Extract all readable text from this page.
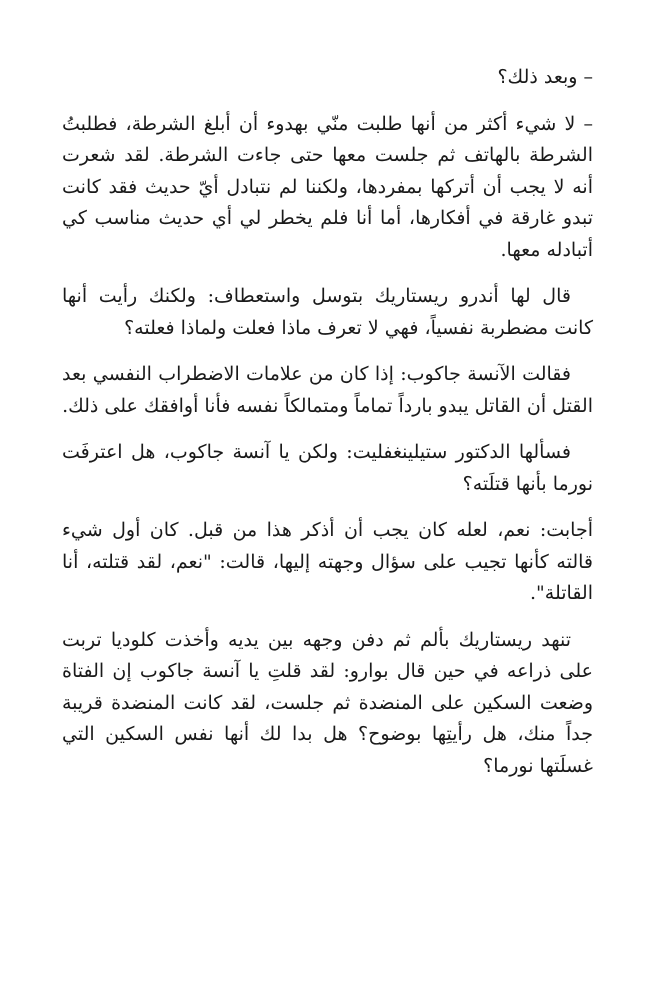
– وبعد ذلك؟

– لا شيء أكثر من أنها طلبت منّي بهدوء أن أبلغ الشرطة، فطلبتُ الشرطة بالهاتف ثم جلست معها حتى جاءت الشرطة. لقد شعرت أنه لا يجب أن أتركها بمفردها، ولكننا لم نتبادل أيّ حديث فقد كانت تبدو غارقة في أفكارها، أما أنا فلم يخطر لي أي حديث مناسب كي أتبادله معها.

قال لها أندرو ريستاريك بتوسل واستعطاف: ولكنك رأيت أنها كانت مضطربة نفسياً، فهي لا تعرف ماذا فعلت ولماذا فعلته؟

فقالت الآنسة جاكوب: إذا كان من علامات الاضطراب النفسي بعد القتل أن القاتل يبدو بارداً تماماً ومتمالكاً نفسه فأنا أوافقك على ذلك.

فسألها الدكتور ستيلينغفليت: ولكن يا آنسة جاكوب، هل اعترفَت نورما بأنها قتلَته؟

أجابت: نعم، لعله كان يجب أن أذكر هذا من قبل. كان أول شيء قالته كأنها تجيب على سؤال وجهته إليها، قالت: "نعم، لقد قتلته، أنا القاتلة".

تنهد ريستاريك بألم ثم دفن وجهه بين يديه وأخذت كلوديا تربت على ذراعه في حين قال بوارو: لقد قلتِ يا آنسة جاكوب إن الفتاة وضعت السكين على المنضدة ثم جلست، لقد كانت المنضدة قريبة جداً منك، هل رأيتِها بوضوح؟ هل بدا لك أنها نفس السكين التي غسلَتها نورما؟
